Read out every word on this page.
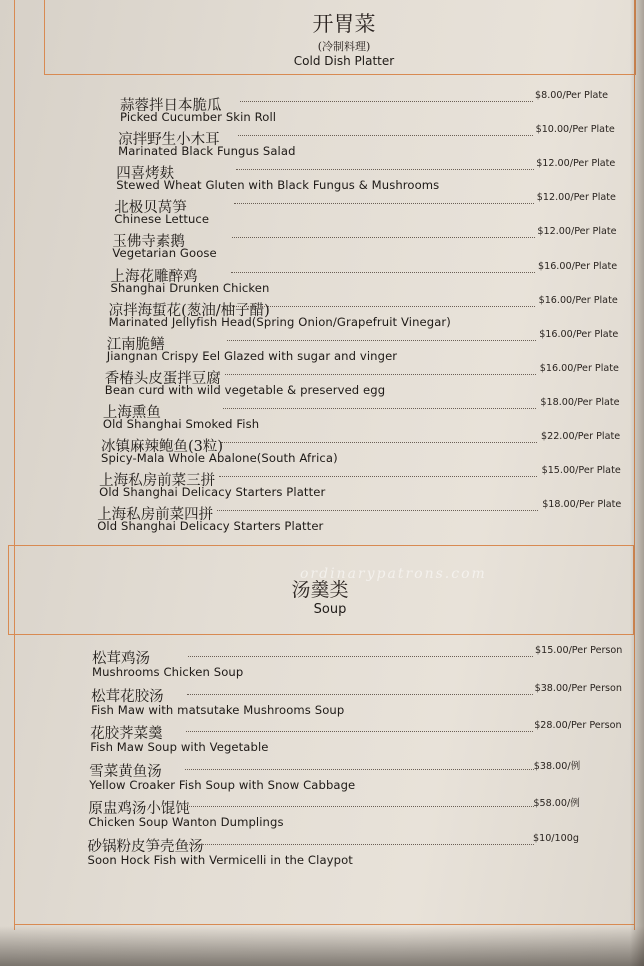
开胃菜
(冷制料理)
Cold Dish Platter
蒜蓉拌日本脆瓜
Picked Cucumber Skin Roll
$8.00/Per Plate
凉拌野生小木耳
Marinated Black Fungus Salad
$10.00/Per Plate
四喜烤麸
Stewed Wheat Gluten with Black Fungus & Mushrooms
$12.00/Per Plate
北极贝莴笋
Chinese Lettuce
$12.00/Per Plate
玉佛寺素鹅
Vegetarian Goose
$12.00/Per Plate
上海花雕醉鸡
Shanghai Drunken Chicken
$16.00/Per Plate
凉拌海蜇花(葱油/柚子醋)
Marinated Jellyfish Head(Spring Onion/Grapefruit Vinegar)
$16.00/Per Plate
江南脆鳝
Jiangnan Crispy Eel Glazed with sugar and vinger
$16.00/Per Plate
香椿头皮蛋拌豆腐
Bean curd with wild vegetable & preserved egg
$16.00/Per Plate
上海熏鱼
Old Shanghai Smoked Fish
$18.00/Per Plate
冰镇麻辣鲍鱼(3粒)
Spicy-Mala Whole Abalone(South Africa)
$22.00/Per Plate
上海私房前菜三拼
Old Shanghai Delicacy Starters Platter
$15.00/Per Plate
上海私房前菜四拼
Old Shanghai Delicacy Starters Platter
$18.00/Per Plate
ordinarypatrons.com
汤羹类
Soup
松茸鸡汤
Mushrooms Chicken Soup
$15.00/Per Person
松茸花胶汤
Fish Maw with matsutake Mushrooms Soup
$38.00/Per Person
花胶荠菜羹
Fish Maw Soup with Vegetable
$28.00/Per Person
雪菜黄鱼汤
Yellow Croaker Fish Soup with Snow Cabbage
$38.00/例
原盅鸡汤小馄饨
Chicken Soup Wanton Dumplings
$58.00/例
砂锅粉皮笋壳鱼汤
Soon Hock Fish with Vermicelli in the Claypot
$10/100g
